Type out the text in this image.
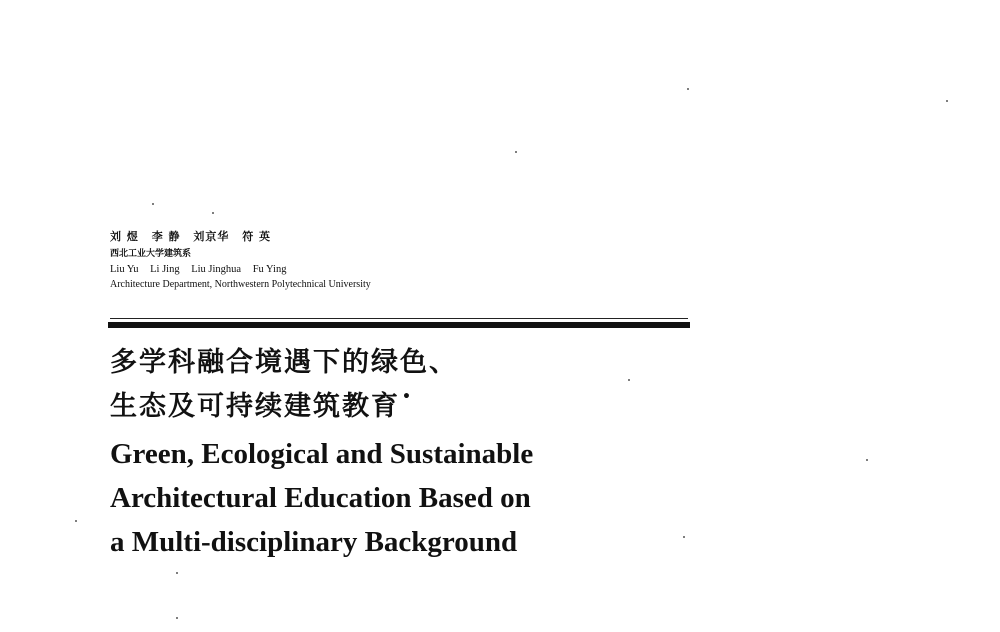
刘 煜 李 静 刘京华 符 英
西北工业大学建筑系
Liu Yu Li Jing Liu Jinghua Fu Ying
Architecture Department, Northwestern Polytechnical University
多学科融合境遇下的绿色、
生态及可持续建筑教育 •
Green, Ecological and Sustainable
Architectural Education Based on
a Multi-disciplinary Background
